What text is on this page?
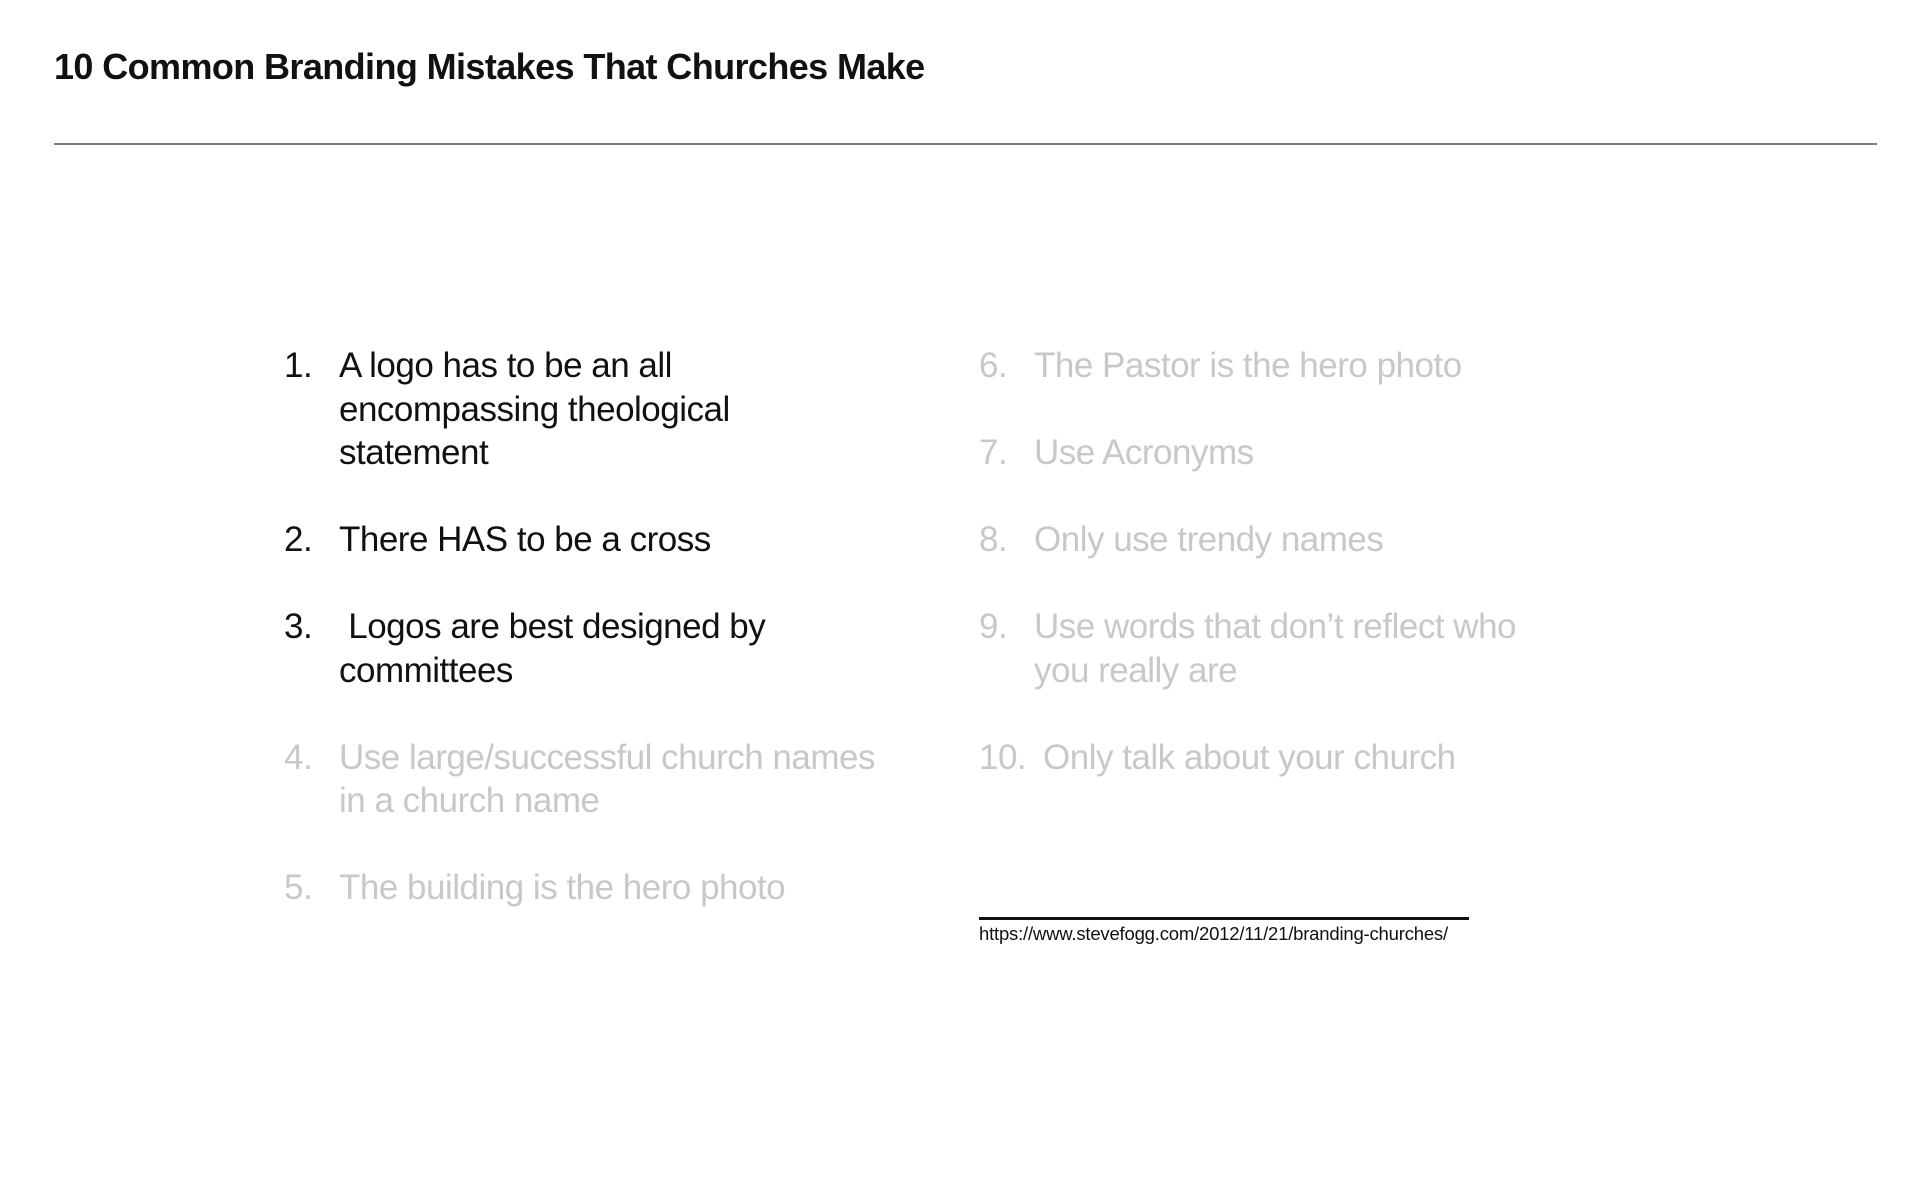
10 Common Branding Mistakes That Churches Make
1. A logo has to be an all encompassing theological statement
2. There HAS to be a cross
3. Logos are best designed by committees
4. Use large/successful church names in a church name
5. The building is the hero photo
6. The Pastor is the hero photo
7. Use Acronyms
8. Only use trendy names
9. Use words that don’t reflect who you really are
10. Only talk about your church
https://www.stevefogg.com/2012/11/21/branding-churches/
